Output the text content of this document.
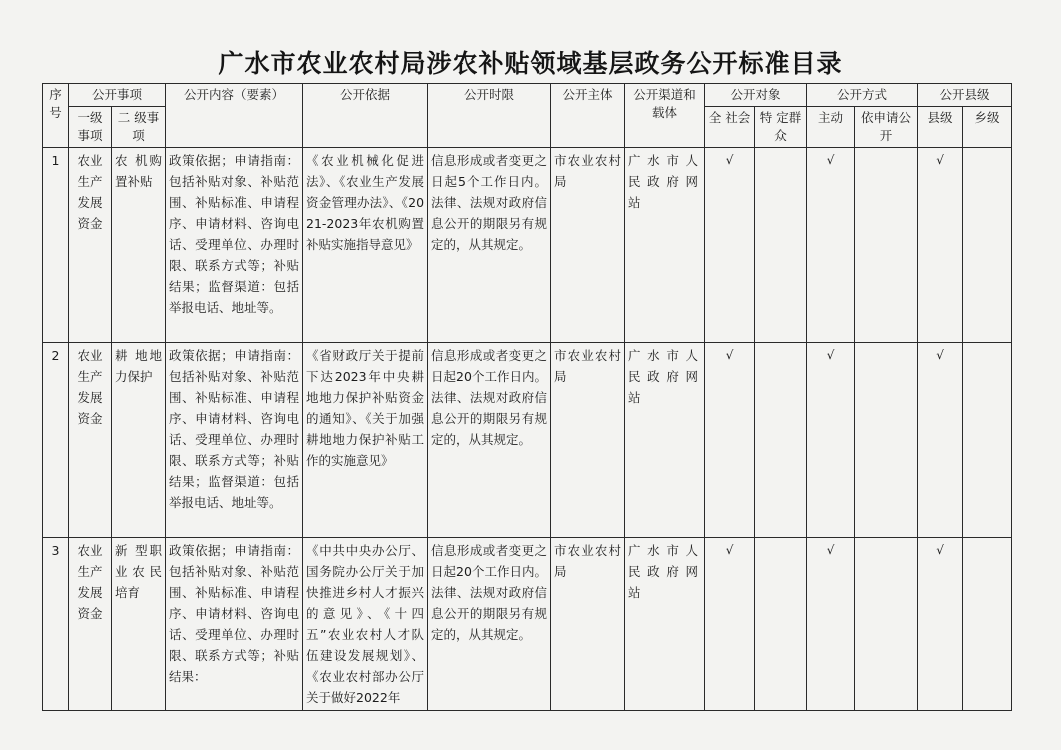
广水市农业农村局涉农补贴领域基层政务公开标准目录
序号	公开事项		公开内容（要素）	公开依据	公开时限	公开主体	公开渠道和载体	公开对象		公开方式		公开县级	
	一级事项	二 级事项						全 社会	特 定群众	主动	依申请公开	县级	乡级
1	农业生产发展资金	农 机购 置补贴	政策依据；申请指南：包括补贴对象、补贴范围、补贴标准、申请程序、申请材料、咨询电话、受理单位、办理时限、联系方式等；补贴结果；监督渠道：包括举报电话、地址等。	《农业机械化促进法》、《农业生产发展资金管理办法》、《2021-2023年农机购置补贴实施指导意见》	信息形成或者变更之日起5个工作日内。法律、法规对政府信息公开的期限另有规定的，从其规定。	市农业农村局	广水市人民政府网站	√		√		√	
2	农业生产发展资金	耕 地地 力保护	政策依据；申请指南：包括补贴对象、补贴范围、补贴标准、申请程序、申请材料、咨询电话、受理单位、办理时限、联系方式等；补贴结果；监督渠道：包括举报电话、地址等。	《省财政厅关于提前下达2023年中央耕地地力保护补贴资金的通知》、《关于加强耕地地力保护补贴工作的实施意见》	信息形成或者变更之日起20个工作日内。法律、法规对政府信息公开的期限另有规定的，从其规定。	市农业农村局	广水市人民政府网站	√		√		√	
3	农业生产发展资金	新 型职 业农民培育	政策依据；申请指南：包括补贴对象、补贴范围、补贴标准、申请程序、申请材料、咨询电话、受理单位、办理时限、联系方式等；补贴结果：	《中共中央办公厅、国务院办公厅关于加快推进乡村人才振兴的意见》、《十四五”农业农村人才队伍建设发展规划》、《农业农村部办公厅关于做好2022年	信息形成或者变更之日起20个工作日内。法律、法规对政府信息公开的期限另有规定的，从其规定。	市农业农村局	广水市人民政府网站	√		√		√	
